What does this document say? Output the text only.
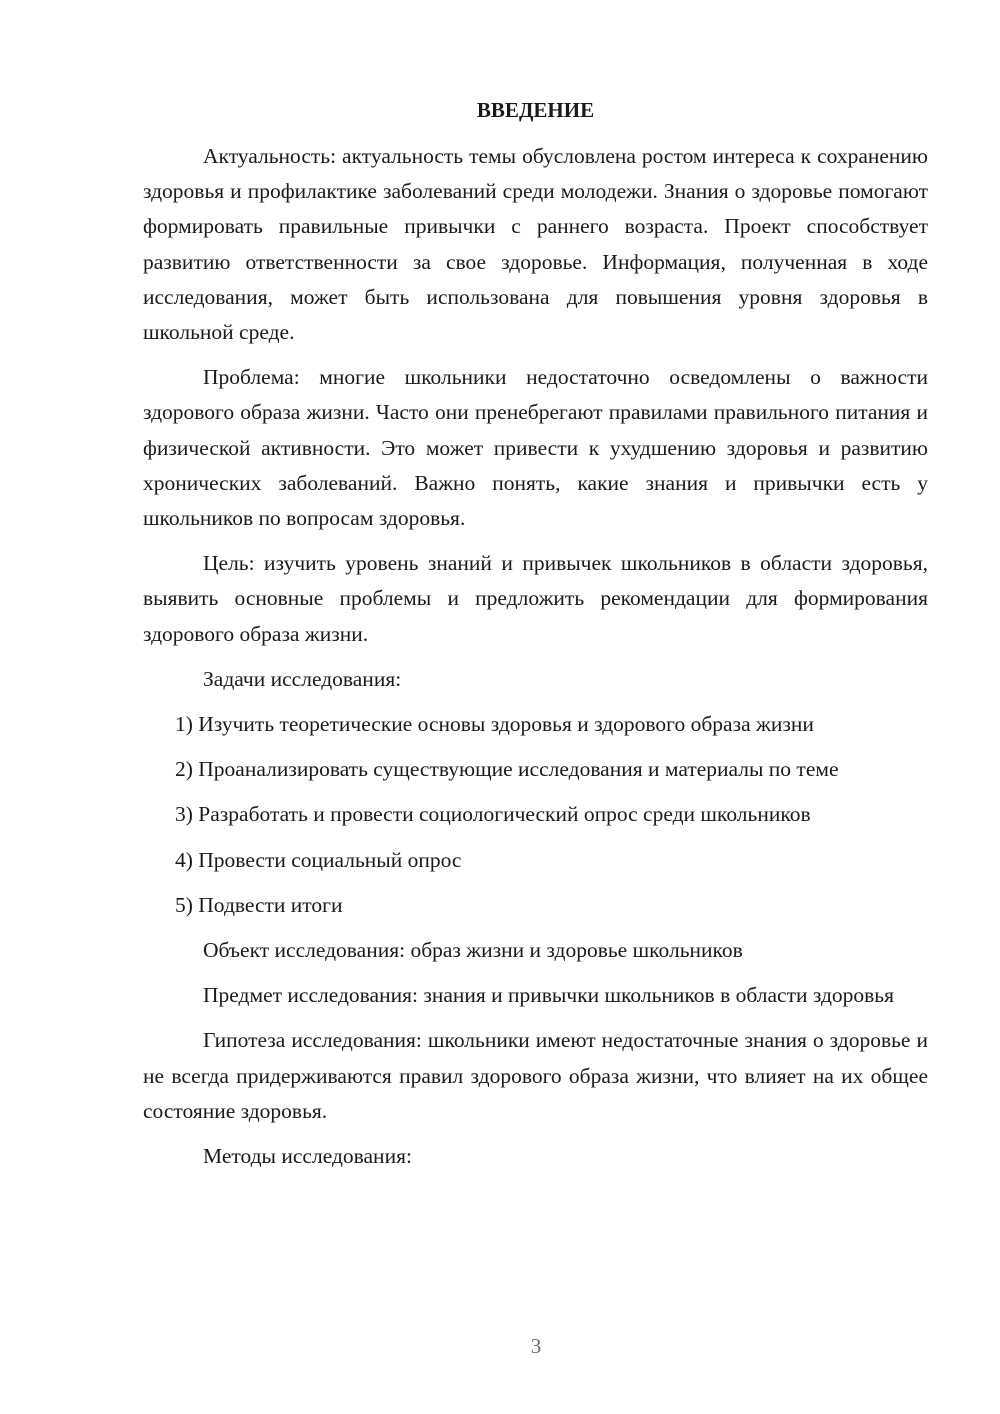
ВВЕДЕНИЕ

Актуальность: актуальность темы обусловлена ростом интереса к сохранению здоровья и профилактике заболеваний среди молодежи. Знания о здоровье помогают формировать правильные привычки с раннего возраста. Проект способствует развитию ответственности за свое здоровье. Информация, полученная в ходе исследования, может быть использована для повышения уровня здоровья в школьной среде.

Проблема: многие школьники недостаточно осведомлены о важности здорового образа жизни. Часто они пренебрегают правилами правильного питания и физической активности. Это может привести к ухудшению здоровья и развитию хронических заболеваний. Важно понять, какие знания и привычки есть у школьников по вопросам здоровья.

Цель: изучить уровень знаний и привычек школьников в области здоровья, выявить основные проблемы и предложить рекомендации для формирования здорового образа жизни.

Задачи исследования:

1) Изучить теоретические основы здоровья и здорового образа жизни

2) Проанализировать существующие исследования и материалы по теме

3) Разработать и провести социологический опрос среди школьников

4) Провести социальный опрос

5) Подвести итоги

Объект исследования: образ жизни и здоровье школьников

Предмет исследования: знания и привычки школьников в области здоровья

Гипотеза исследования: школьники имеют недостаточные знания о здоровье и не всегда придерживаются правил здорового образа жизни, что влияет на их общее состояние здоровья.

Методы исследования:

3
